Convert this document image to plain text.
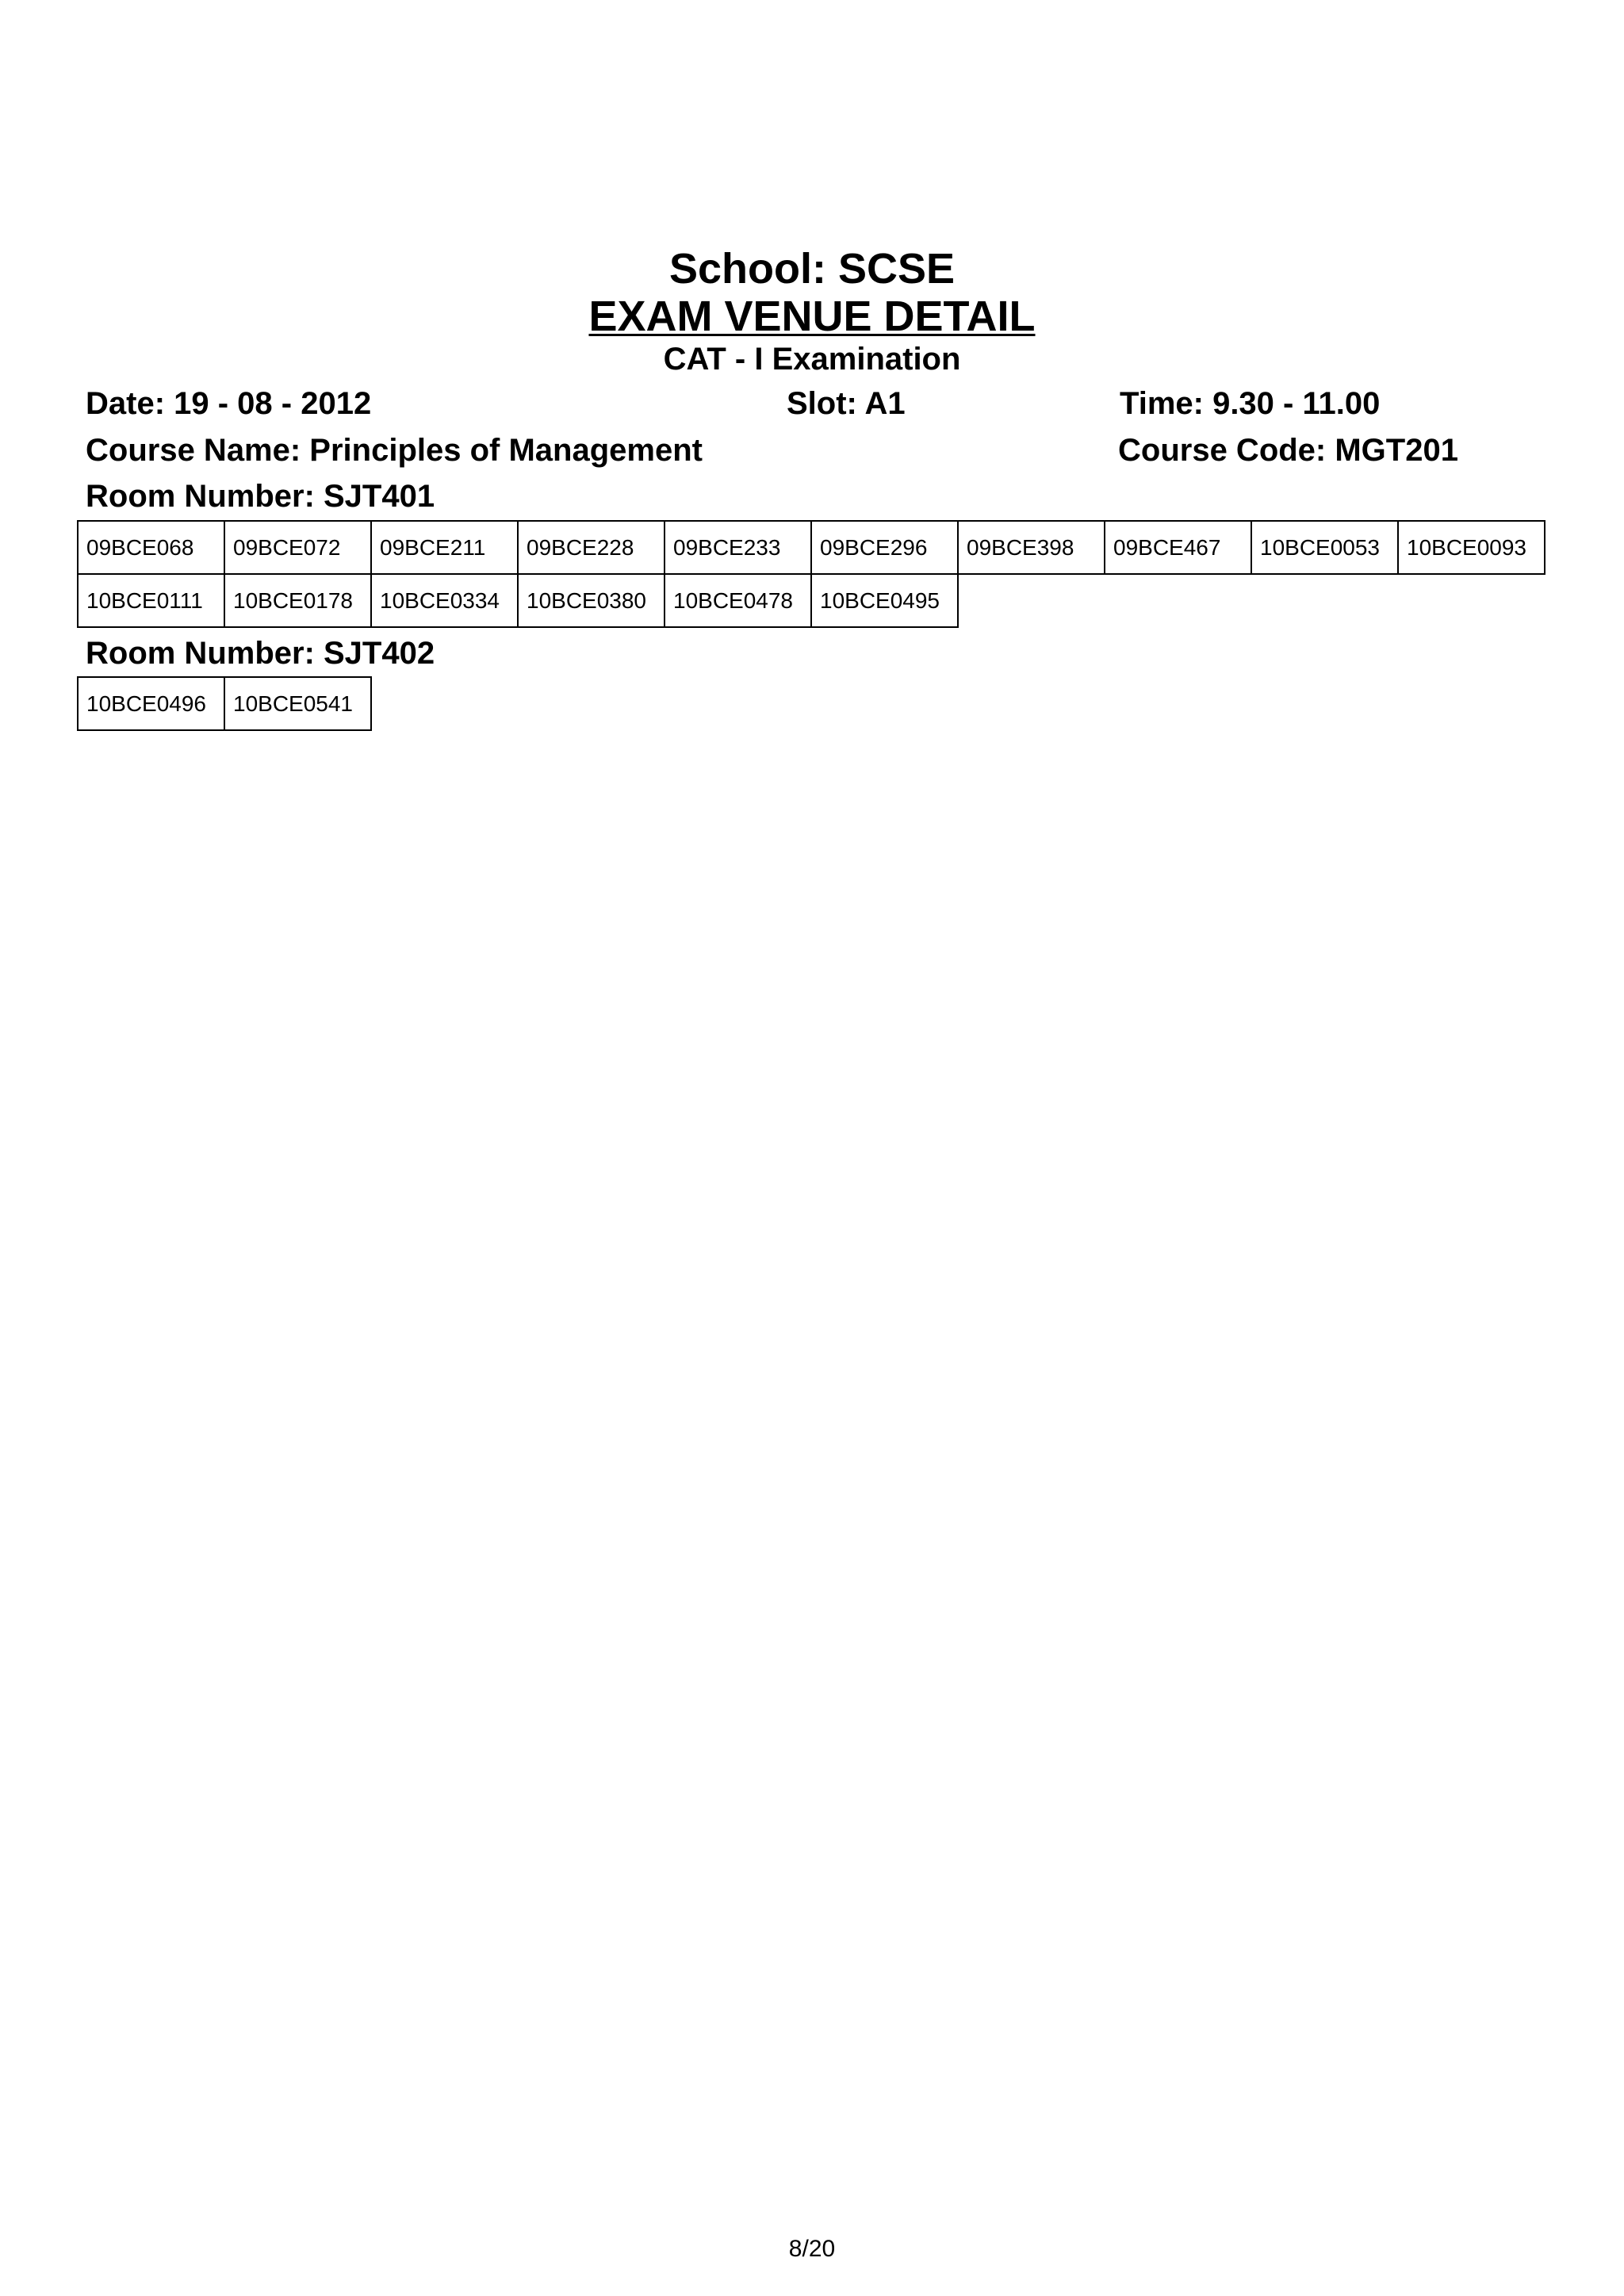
School: SCSE
EXAM VENUE DETAIL
CAT - I Examination
Date: 19 - 08 - 2012	Slot: A1	Time: 9.30 - 11.00
Course Name: Principles of Management	Course Code: MGT201
Room Number: SJT401
09BCE068	09BCE072	09BCE211	09BCE228	09BCE233	09BCE296	09BCE398	09BCE467	10BCE0053	10BCE0093
10BCE0111	10BCE0178	10BCE0334	10BCE0380	10BCE0478	10BCE0495				
Room Number: SJT402
10BCE0496	10BCE0541
8/20
